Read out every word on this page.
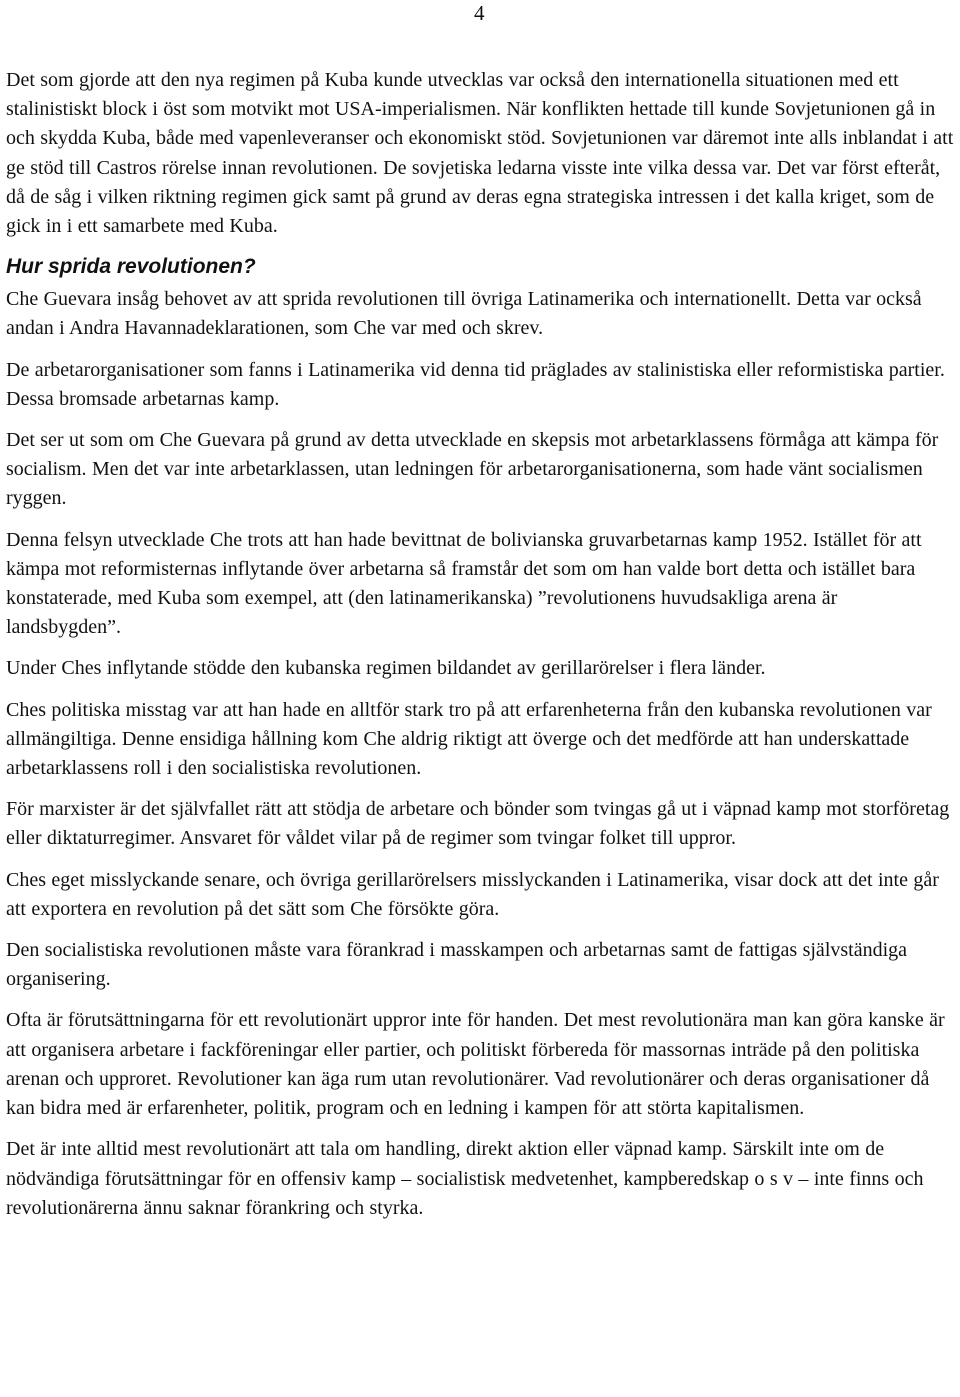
4

Det som gjorde att den nya regimen på Kuba kunde utvecklas var också den internationella situationen med ett stalinistiskt block i öst som motvikt mot USA-imperialismen. När konflikten hettade till kunde Sovjetunionen gå in och skydda Kuba, både med vapenleveranser och ekonomiskt stöd. Sovjetunionen var däremot inte alls inblandat i att ge stöd till Castros rörelse innan revolutionen. De sovjetiska ledarna visste inte vilka dessa var. Det var först efteråt, då de såg i vilken riktning regimen gick samt på grund av deras egna strategiska intressen i det kalla kriget, som de gick in i ett samarbete med Kuba.

Hur sprida revolutionen?

Che Guevara insåg behovet av att sprida revolutionen till övriga Latinamerika och internationellt. Detta var också andan i Andra Havannadeklarationen, som Che var med och skrev.

De arbetarorganisationer som fanns i Latinamerika vid denna tid präglades av stalinistiska eller reformistiska partier. Dessa bromsade arbetarnas kamp.

Det ser ut som om Che Guevara på grund av detta utvecklade en skepsis mot arbetarklassens förmåga att kämpa för socialism. Men det var inte arbetarklassen, utan ledningen för arbetarorganisationerna, som hade vänt socialismen ryggen.

Denna felsyn utvecklade Che trots att han hade bevittnat de bolivianska gruvarbetarnas kamp 1952. Istället för att kämpa mot reformisternas inflytande över arbetarna så framstår det som om han valde bort detta och istället bara konstaterade, med Kuba som exempel, att (den latinamerikanska) ”revolutionens huvudsakliga arena är landsbygden”.

Under Ches inflytande stödde den kubanska regimen bildandet av gerillarörelser i flera länder.

Ches politiska misstag var att han hade en alltför stark tro på att erfarenheterna från den kubanska revolutionen var allmängiltiga. Denne ensidiga hållning kom Che aldrig riktigt att överge och det medförde att han underskattade arbetarklassens roll i den socialistiska revolutionen.

För marxister är det självfallet rätt att stödja de arbetare och bönder som tvingas gå ut i väpnad kamp mot storföretag eller diktaturregimer. Ansvaret för våldet vilar på de regimer som tvingar folket till uppror.

Ches eget misslyckande senare, och övriga gerillarörelsers misslyckanden i Latinamerika, visar dock att det inte går att exportera en revolution på det sätt som Che försökte göra.

Den socialistiska revolutionen måste vara förankrad i masskampen och arbetarnas samt de fattigas självständiga organisering.

Ofta är förutsättningarna för ett revolutionärt uppror inte för handen. Det mest revolutionära man kan göra kanske är att organisera arbetare i fackföreningar eller partier, och politiskt förbereda för massornas inträde på den politiska arenan och upproret. Revolutioner kan äga rum utan revolutionärer. Vad revolutionärer och deras organisationer då kan bidra med är erfarenheter, politik, program och en ledning i kampen för att störta kapitalismen.

Det är inte alltid mest revolutionärt att tala om handling, direkt aktion eller väpnad kamp. Särskilt inte om de nödvändiga förutsättningar för en offensiv kamp – socialistisk medvetenhet, kampberedskap o s v – inte finns och revolutionärerna ännu saknar förankring och styrka.
